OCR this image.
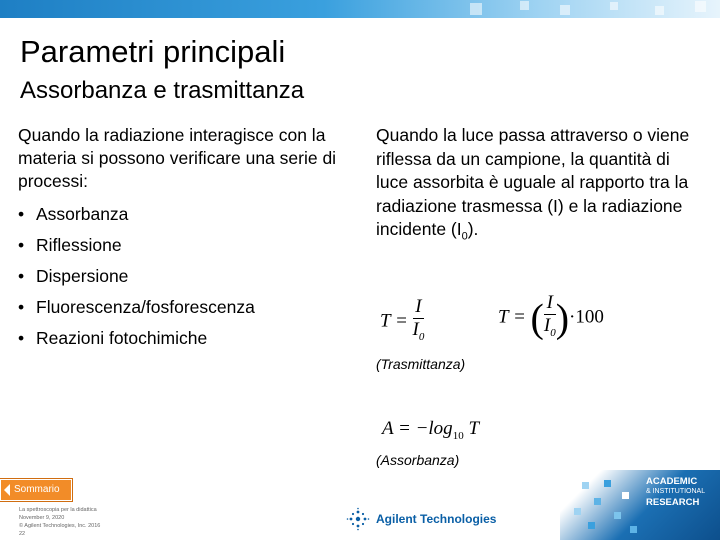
Parametri principali
Assorbanza e trasmittanza
Quando la radiazione interagisce con la materia si possono verificare una serie di processi:
• Assorbanza
• Riflessione
• Dispersione
• Fluorescenza/fosforescenza
• Reazioni fotochimiche
Quando la luce passa attraverso o viene riflessa da un campione, la quantità di luce assorbita è uguale al rapporto tra la radiazione trasmessa (I) e la radiazione incidente $(I_0)$.
$T = \frac{I}{I_0}$	T = ( $\frac{I}{I_0} )\cdot 100$
(Trasmittanza)
$A = -\log_{10}$ T
(Assorbanza)
Sommario
La spettroscopia per la didattica
November 9, 2020
© Agilent Technologies, Inc. 2016
22
Agilent Technologies
ACADEMIC
& INSTITUTIONAL
RESEARCH
